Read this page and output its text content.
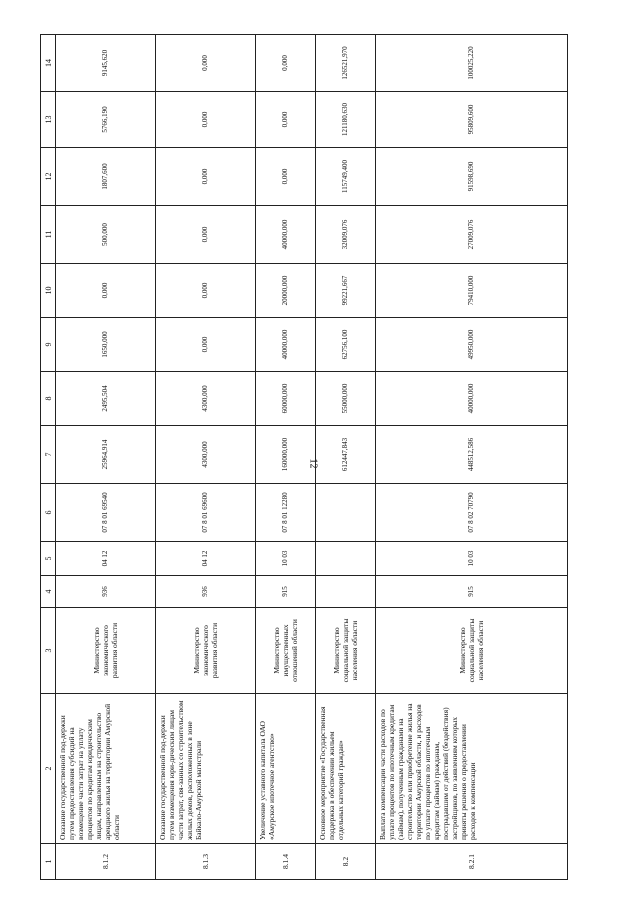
12
1	2	3	4	5	6	7	8	9	10	11	12	13	14
8.1.2	Оказание государственной под-держки путем предоставления субсидий на возмещение части затрат на уплату процентов по кредитам юридическим лицам, направленным на строительство арендного жилья на территории Амурской области	Министерство экономического развития области	936	04 12	07 8 01 69540	25964,914	2495,504	1650,000	0,000	500,000	1807,600	5766,190	9145,620
8.1.3	Оказание государственной под-держки путем возмещения юри-дическим лицам части затрат, свя-занных со строительством жилых домов, расположенных в зоне Байкало-Амурской магистрали	Министерство экономического развития области	936	04 12	07 8 01 69600	4300,000	4300,000	0,000	0,000	0,000	0,000	0,000	0,000
8.1.4	Увеличение уставного капитала ОАО «Амурское ипотечное агентство»	Министерство имущественных отношений области	915	10 03	07 8 01 12280	160000,000	60000,000	40000,000	20000,000	40000,000	0,000	0,000	0,000
8.2	Основное мероприятие «Государственная поддержка в обеспечении жильем отдельных категорий граждан»	Министерство социальной защиты населения области				612447,843	55000,000	62756,100	99221,667	32009,076	115749,400	121180,630	126521,970
8.2.1	Выплата компенсации части расходов по уплате процентов по ипотечным кредитам (займам), полученным гражданами на строительство или приобретение жилья на территории Амурской области, и расходов по уплате процентов по ипотечным кредитам (займам) гражданам, пострадавшим от действий (бездействия) застройщиков, по заявлениям которых приняты решения о предоставлении расходов к компенсации	Министерство социальной защиты населения области	915	10 03	07 8 02 70790	448512,586	40000,000	49950,000	79410,000	27009,076	91598,690	95809,600	100025,220
